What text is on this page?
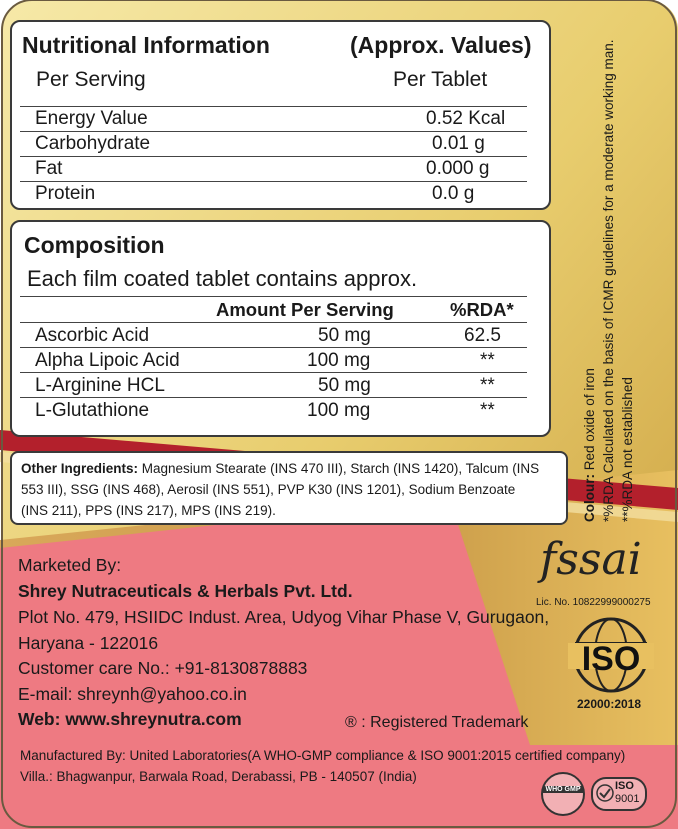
Nutritional Information	(Approx. Values)
Per Serving	Per Tablet
Energy Value	0.52 Kcal
Carbohydrate	0.01 g
Fat	0.000 g
Protein	0.0 g
Composition
Each film coated tablet contains approx.
Amount Per Serving	%RDA*
Ascorbic Acid	50 mg	62.5
Alpha Lipoic Acid	100 mg	**
L-Arginine HCL	50 mg	**
L-Glutathione	100 mg	**
Other Ingredients: Magnesium Stearate (INS 470 III), Starch (INS 1420), Talcum (INS
553 III), SSG (INS 468), Aerosil (INS 551), PVP K30 (INS 1201), Sodium Benzoate
(INS 211), PPS (INS 217), MPS (INS 219).	Colour: Red oxide of iron *%RDA Calculated on the basis of ICMR guidelines for a moderate working man. **%RDA not established
Marketed By:
Shrey Nutraceuticals & Herbals Pvt. Ltd.
Plot No. 479, HSIIDC Indust. Area, Udyog Vihar Phase V, Gurugaon,
Haryana - 122016
Customer care No.: +91-8130878883
E-mail: shreynh@yahoo.co.in
Web: www.shreynutra.com	® : Registered Trademark
fssai
Lic. No. 10822999000275
ISO
22000:2018
Manufactured By: United Laboratories(A WHO-GMP compliance & ISO 9001:2015 certified company)
Villa.: Bhagwanpur, Barwala Road, Derabassi, PB - 140507 (India)
WHO GMP	ISO
9001
